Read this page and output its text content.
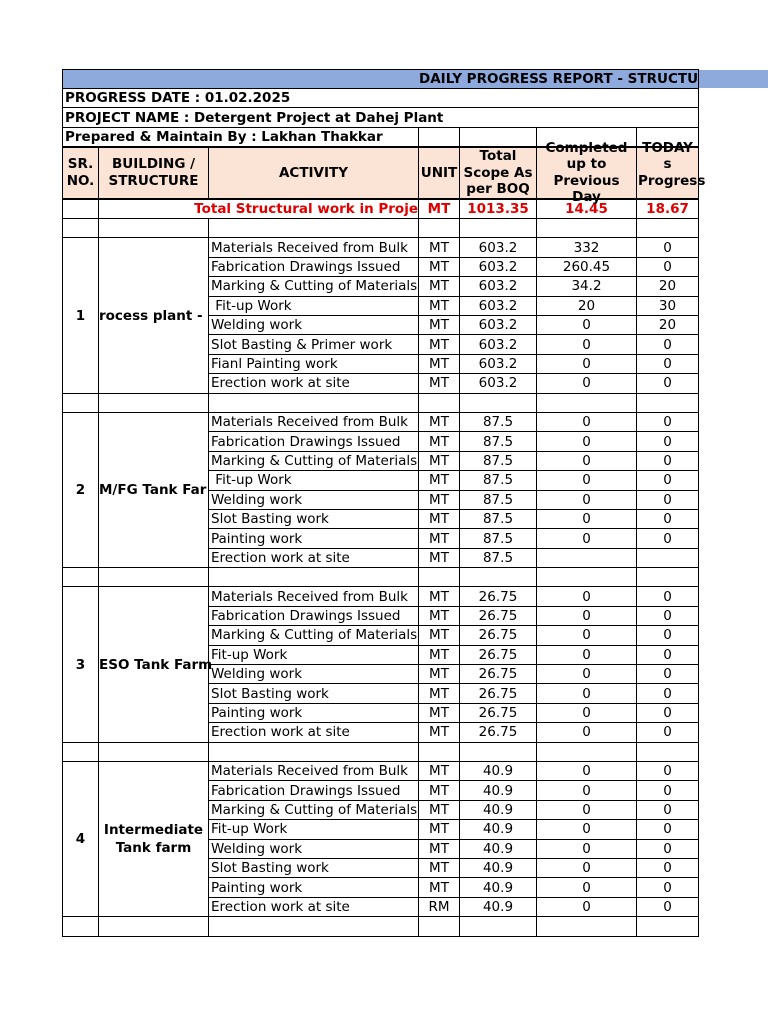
DAILY PROGRESS REPORT - STRUCTU						
PROGRESS DATE : 01.02.2025						
PROJECT NAME : Detergent Project at Dahej Plant						
Prepared & Maintain By : Lakhan Thakkar						
SR. NO.	BUILDING / STRUCTURE	ACTIVITY	UNIT	Total Scope As per BOQ	Completed up to Previous Day	TODAY s Progress

	Total Structural work in Proje		MT	1013.35	14.45	18.67

1	rocess plant -	Materials Received from Bulk	MT	603.2	332	0
		Fabrication Drawings Issued	MT	603.2	260.45	0
		Marking & Cutting of Materials	MT	603.2	34.2	20
		Fit-up Work	MT	603.2	20	30
		Welding work	MT	603.2	0	20
		Slot Basting & Primer work	MT	603.2	0	0
		Fianl Painting work	MT	603.2	0	0
		Erection work at site	MT	603.2	0	0

2	M/FG Tank Far	Materials Received from Bulk	MT	87.5	0	0
		Fabrication Drawings Issued	MT	87.5	0	0
		Marking & Cutting of Materials	MT	87.5	0	0
		Fit-up Work	MT	87.5	0	0
		Welding work	MT	87.5	0	0
		Slot Basting work	MT	87.5	0	0
		Painting work	MT	87.5	0	0
		Erection work at site	MT	87.5		

3	ESO Tank Farm	Materials Received from Bulk	MT	26.75	0	0
		Fabrication Drawings Issued	MT	26.75	0	0
		Marking & Cutting of Materials	MT	26.75	0	0
		Fit-up Work	MT	26.75	0	0
		Welding work	MT	26.75	0	0
		Slot Basting work	MT	26.75	0	0
		Painting work	MT	26.75	0	0
		Erection work at site	MT	26.75	0	0

4	Intermediate Tank farm	Materials Received from Bulk	MT	40.9	0	0
		Fabrication Drawings Issued	MT	40.9	0	0
		Marking & Cutting of Materials	MT	40.9	0	0
		Fit-up Work	MT	40.9	0	0
		Welding work	MT	40.9	0	0
		Slot Basting work	MT	40.9	0	0
		Painting work	MT	40.9	0	0
		Erection work at site	RM	40.9	0	0
